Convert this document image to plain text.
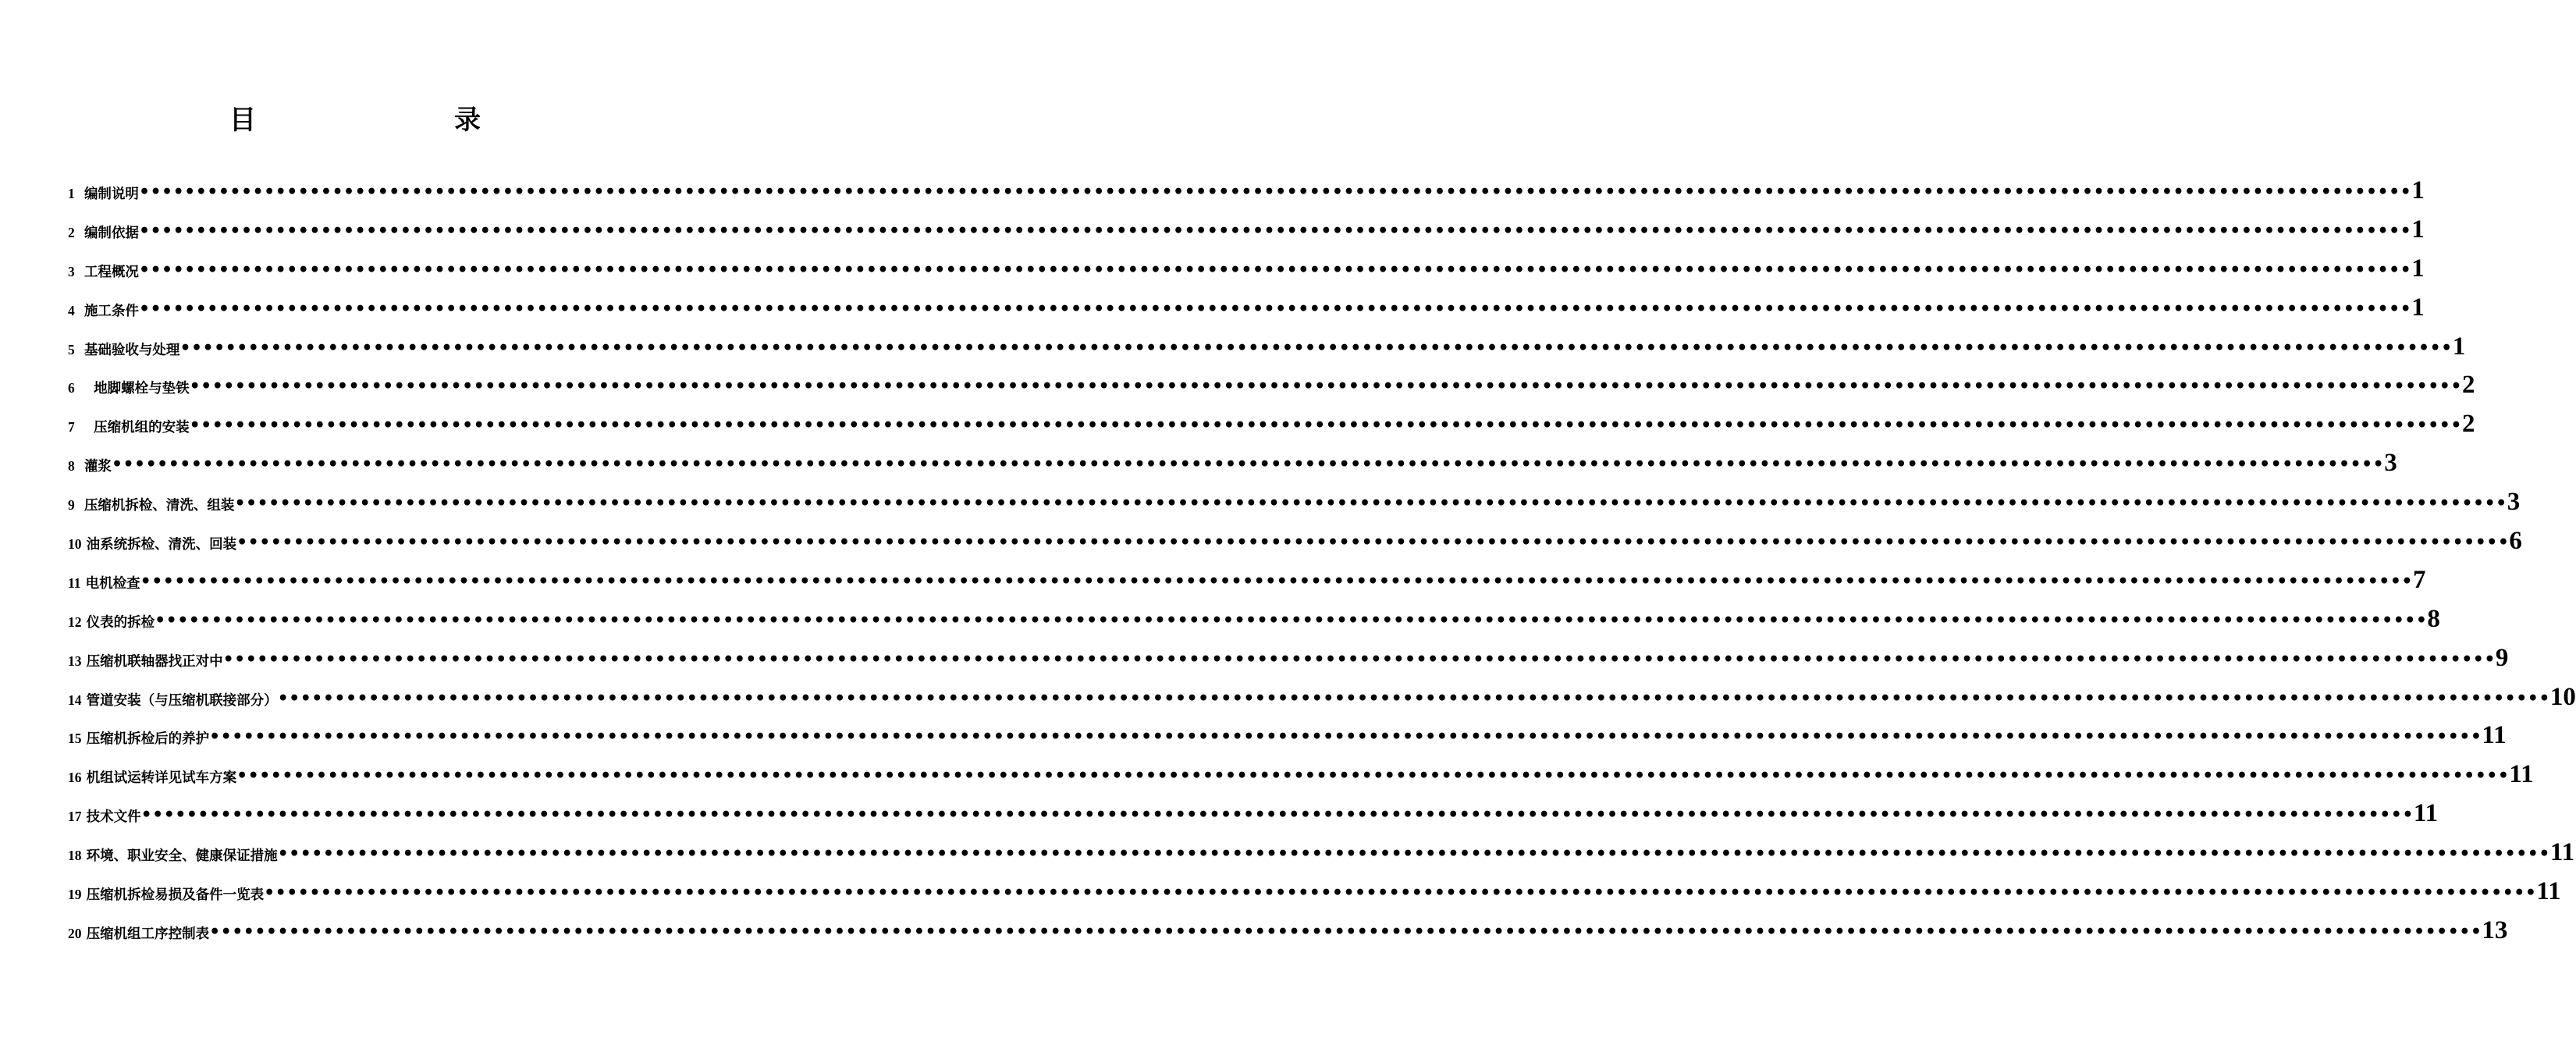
目　　录
1 编制说明 •••••••••••••••••••••••••••••••••••••••••••••••••••••••••••••••••••••••••••••••••••••••••••••••••••••••••••••••••••••••••••••••••••••••••••••••••••••••••••••••••••••••••••••••••••••••••••••••••••••••• 1
2 编制依据 •••••••••••••••••••••••••••••••••••••••••••••••••••••••••••••••••••••••••••••••••••••••••••••••••••••••••••••••••••••••••••••••••••••••••••••••••••••••••••••••••••••••••••••••••••••••••••••••••••••••• 1
3 工程概况 •••••••••••••••••••••••••••••••••••••••••••••••••••••••••••••••••••••••••••••••••••••••••••••••••••••••••••••••••••••••••••••••••••••••••••••••••••••••••••••••••••••••••••••••••••••••••••••••••••••••• 1
4 施工条件 •••••••••••••••••••••••••••••••••••••••••••••••••••••••••••••••••••••••••••••••••••••••••••••••••••••••••••••••••••••••••••••••••••••••••••••••••••••••••••••••••••••••••••••••••••••••••••••••••••••••• 1
5 基础验收与处理 •••••••••••••••••••••••••••••••••••••••••••••••••••••••••••••••••••••••••••••••••••••••••••••••••••••••••••••••••••••••••••••••••••••••••••••••••••••••••••••••••••••••••••••••••••••••••••••••••••••••• 1
6 地脚螺栓与垫铁 •••••••••••••••••••••••••••••••••••••••••••••••••••••••••••••••••••••••••••••••••••••••••••••••••••••••••••••••••••••••••••••••••••••••••••••••••••••••••••••••••••••••••••••••••••••••••••••••••••••••• 2
7 压缩机组的安装 •••••••••••••••••••••••••••••••••••••••••••••••••••••••••••••••••••••••••••••••••••••••••••••••••••••••••••••••••••••••••••••••••••••••••••••••••••••••••••••••••••••••••••••••••••••••••••••••••••••••• 2
8 灌浆 •••••••••••••••••••••••••••••••••••••••••••••••••••••••••••••••••••••••••••••••••••••••••••••••••••••••••••••••••••••••••••••••••••••••••••••••••••••••••••••••••••••••••••••••••••••••••••••••••••••••• 3
9 压缩机拆检、清洗、组装 •••••••••••••••••••••••••••••••••••••••••••••••••••••••••••••••••••••••••••••••••••••••••••••••••••••••••••••••••••••••••••••••••••••••••••••••••••••••••••••••••••••••••••••••••••••••••••••••••••••••• 3
10 油系统拆检、清洗、回装 •••••••••••••••••••••••••••••••••••••••••••••••••••••••••••••••••••••••••••••••••••••••••••••••••••••••••••••••••••••••••••••••••••••••••••••••••••••••••••••••••••••••••••••••••••••••••••••••••••••••• 6
11 电机检查 •••••••••••••••••••••••••••••••••••••••••••••••••••••••••••••••••••••••••••••••••••••••••••••••••••••••••••••••••••••••••••••••••••••••••••••••••••••••••••••••••••••••••••••••••••••••••••••••••••••••• 7
12 仪表的拆检 •••••••••••••••••••••••••••••••••••••••••••••••••••••••••••••••••••••••••••••••••••••••••••••••••••••••••••••••••••••••••••••••••••••••••••••••••••••••••••••••••••••••••••••••••••••••••••••••••••••••• 8
13 压缩机联轴器找正对中 •••••••••••••••••••••••••••••••••••••••••••••••••••••••••••••••••••••••••••••••••••••••••••••••••••••••••••••••••••••••••••••••••••••••••••••••••••••••••••••••••••••••••••••••••••••••••••••••••••••••• 9
14 管道安装（与压缩机联接部分） •••••••••••••••••••••••••••••••••••••••••••••••••••••••••••••••••••••••••••••••••••••••••••••••••••••••••••••••••••••••••••••••••••••••••••••••••••••••••••••••••••••••••••••••••••••••••••••••••••••••• 10
15 压缩机拆检后的养护 •••••••••••••••••••••••••••••••••••••••••••••••••••••••••••••••••••••••••••••••••••••••••••••••••••••••••••••••••••••••••••••••••••••••••••••••••••••••••••••••••••••••••••••••••••••••••••••••••••••••• 11
16 机组试运转详见试车方案 •••••••••••••••••••••••••••••••••••••••••••••••••••••••••••••••••••••••••••••••••••••••••••••••••••••••••••••••••••••••••••••••••••••••••••••••••••••••••••••••••••••••••••••••••••••••••••••••••••••••• 11
17 技术文件 •••••••••••••••••••••••••••••••••••••••••••••••••••••••••••••••••••••••••••••••••••••••••••••••••••••••••••••••••••••••••••••••••••••••••••••••••••••••••••••••••••••••••••••••••••••••••••••••••••••••• 11
18 环境、职业安全、健康保证措施 •••••••••••••••••••••••••••••••••••••••••••••••••••••••••••••••••••••••••••••••••••••••••••••••••••••••••••••••••••••••••••••••••••••••••••••••••••••••••••••••••••••••••••••••••••••••••••••••••••••••• 11
19 压缩机拆检易损及备件一览表 •••••••••••••••••••••••••••••••••••••••••••••••••••••••••••••••••••••••••••••••••••••••••••••••••••••••••••••••••••••••••••••••••••••••••••••••••••••••••••••••••••••••••••••••••••••••••••••••••••••••• 11
20 压缩机组工序控制表 •••••••••••••••••••••••••••••••••••••••••••••••••••••••••••••••••••••••••••••••••••••••••••••••••••••••••••••••••••••••••••••••••••••••••••••••••••••••••••••••••••••••••••••••••••••••••••••••••••••••• 13
